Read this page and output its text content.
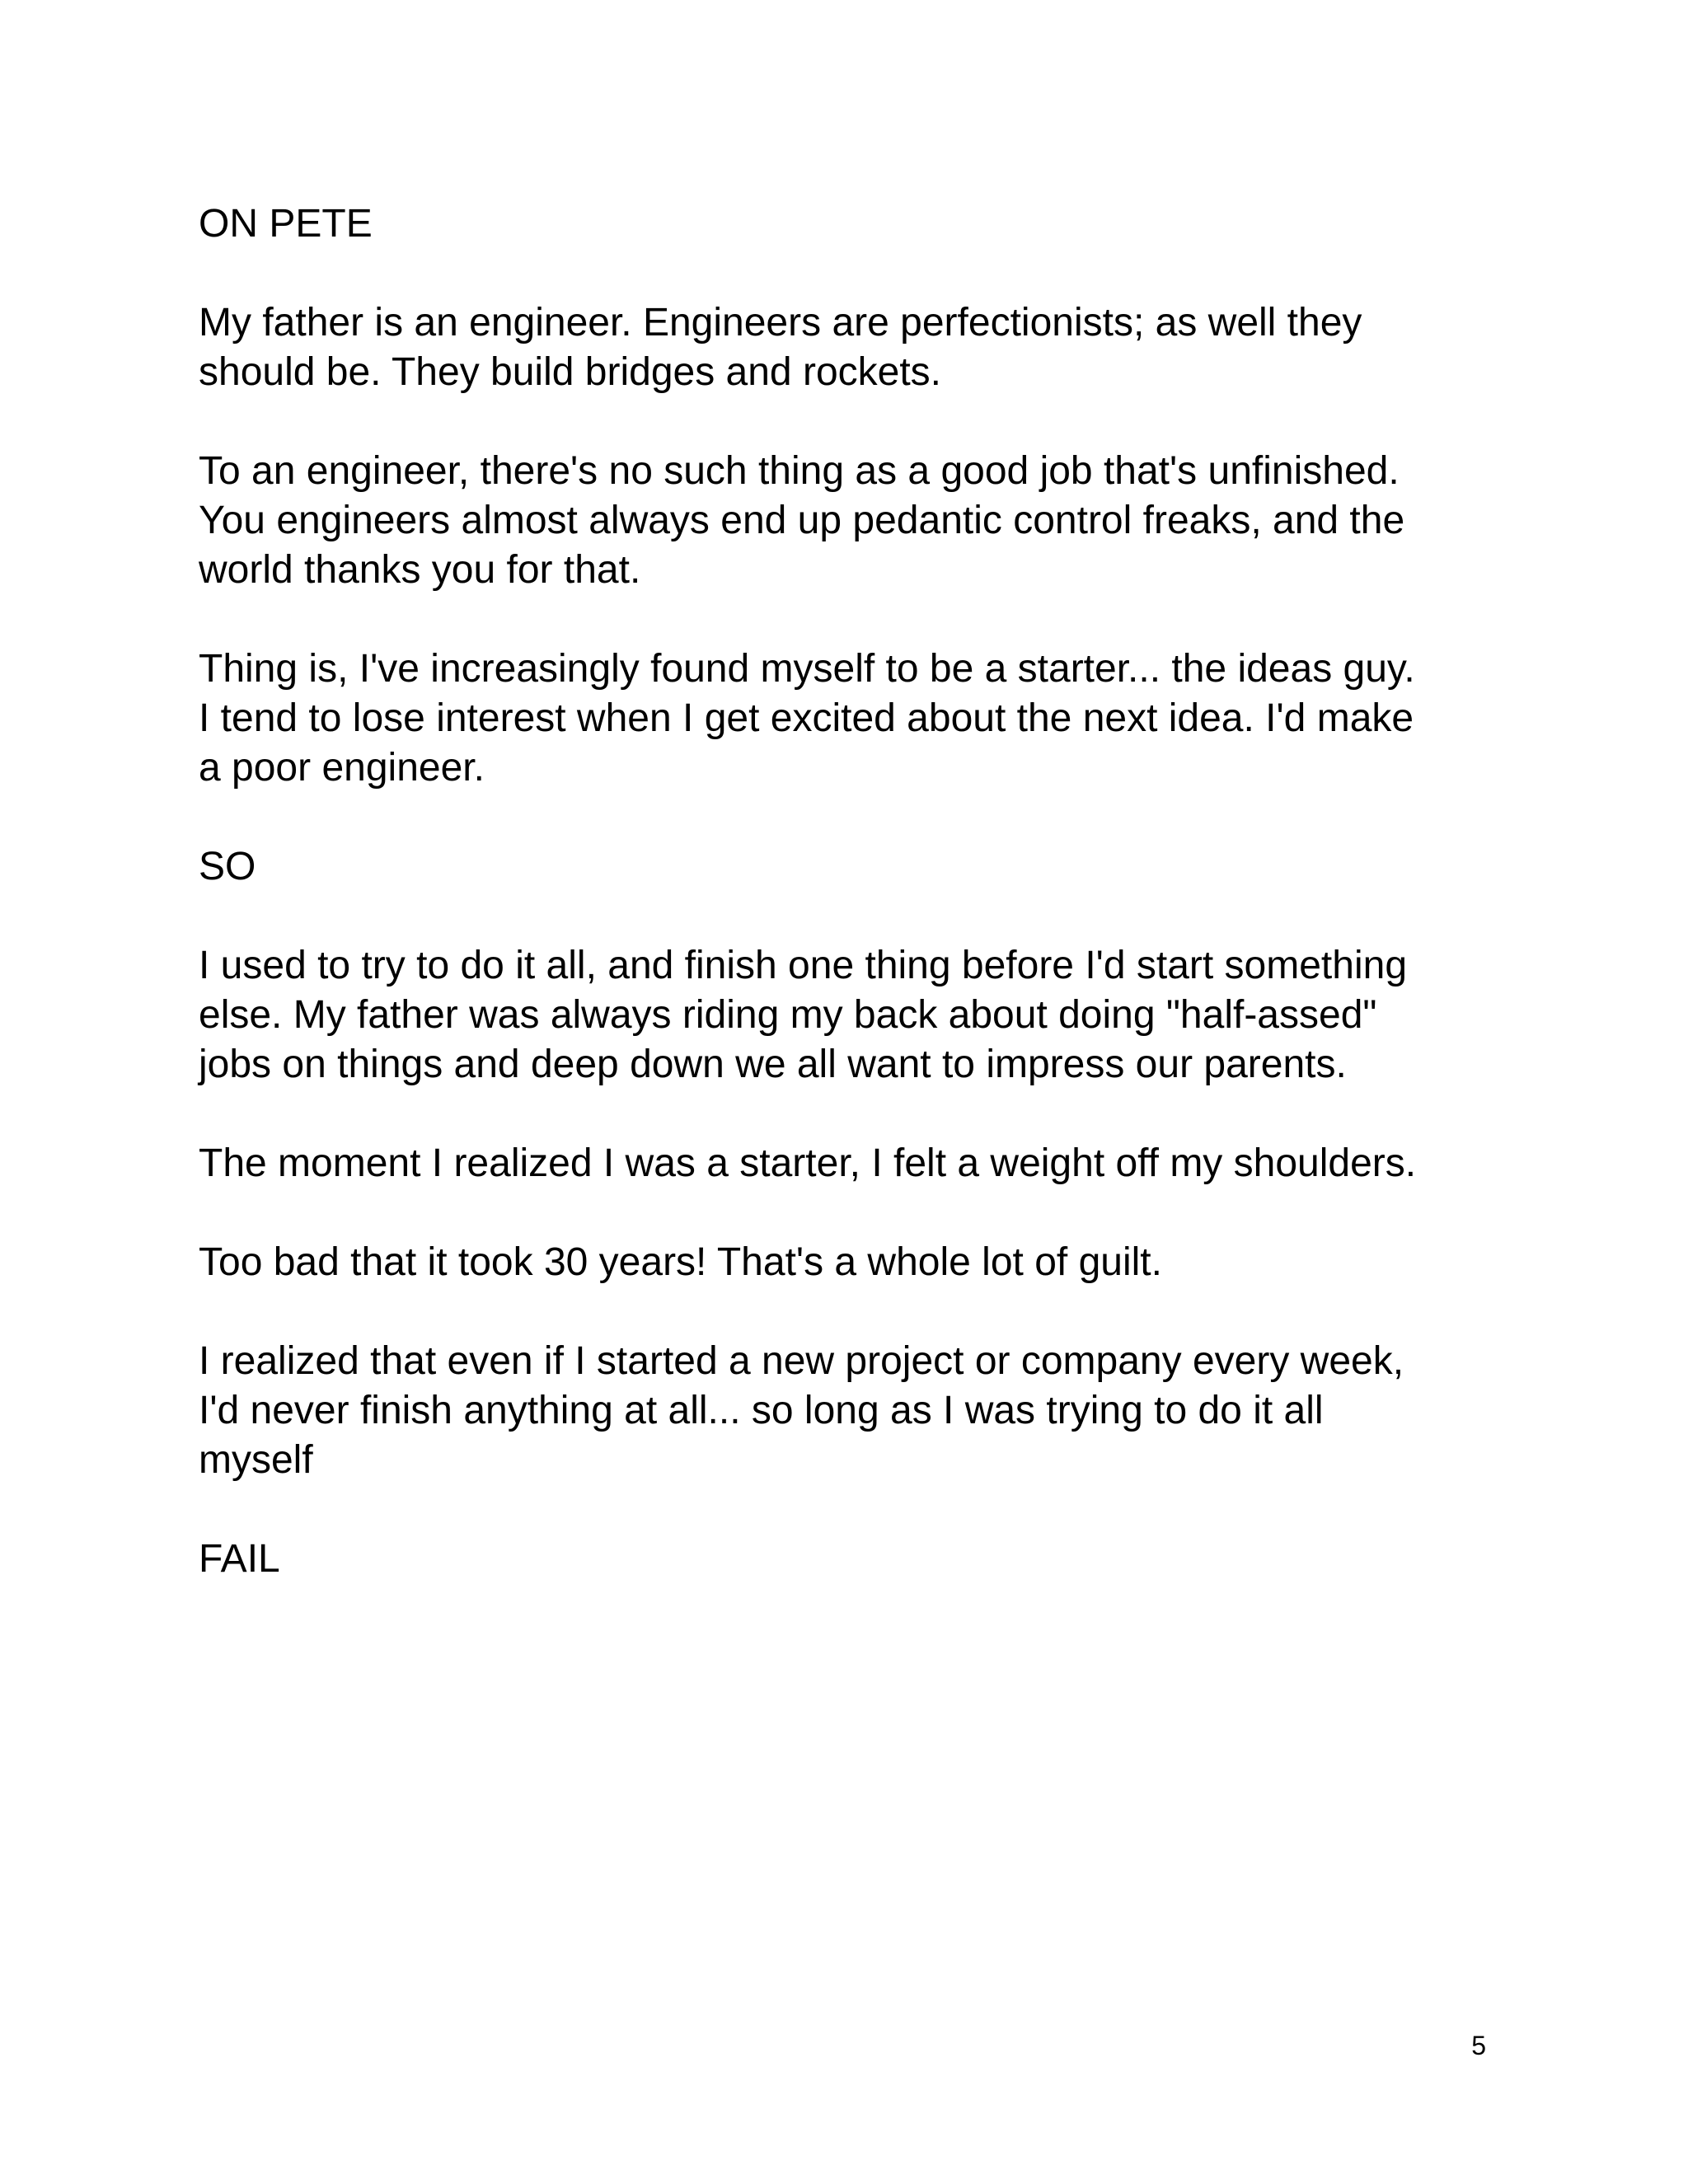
ON PETE

My father is an engineer. Engineers are perfectionists; as well they
should be. They build bridges and rockets.

To an engineer, there's no such thing as a good job that's unfinished.
You engineers almost always end up pedantic control freaks, and the
world thanks you for that.

Thing is, I've increasingly found myself to be a starter... the ideas guy.
I tend to lose interest when I get excited about the next idea. I'd make
a poor engineer.

SO

I used to try to do it all, and finish one thing before I'd start something
else. My father was always riding my back about doing "half-assed"
jobs on things and deep down we all want to impress our parents.

The moment I realized I was a starter, I felt a weight off my shoulders.

Too bad that it took 30 years! That's a whole lot of guilt.

I realized that even if I started a new project or company every week,
I'd never finish anything at all... so long as I was trying to do it all
myself

FAIL

5
